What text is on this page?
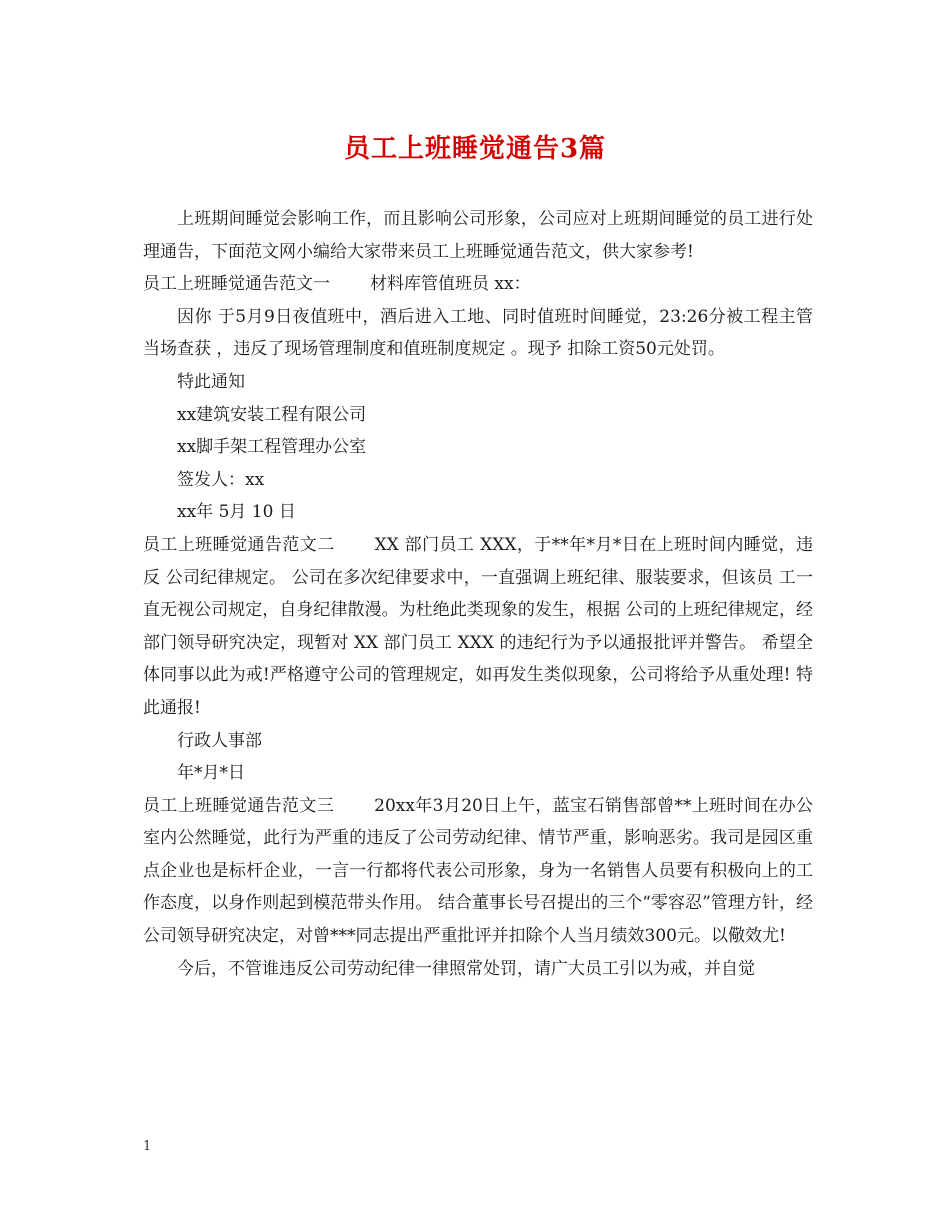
员工上班睡觉通告3篇

上班期间睡觉会影响工作，而且影响公司形象，公司应对上班期间睡觉的员工进行处理通告，下面范文网小编给大家带来员工上班睡觉通告范文，供大家参考!

员工上班睡觉通告范文一 材料库管值班员 xx：

因你 于5月9日夜值班中，酒后进入工地、同时值班时间睡觉，23:26分被工程主管当场查获 ，违反了现场管理制度和值班制度规定 。现予 扣除工资50元处罚。

特此通知

xx建筑安装工程有限公司

xx脚手架工程管理办公室

签发人：xx

xx年 5月 10 日

员工上班睡觉通告范文二 XX 部门员工 XXX，于**年*月*日在上班时间内睡觉，违反 公司纪律规定。 公司在多次纪律要求中，一直强调上班纪律、服装要求，但该员 工一直无视公司规定，自身纪律散漫。为杜绝此类现象的发生，根据 公司的上班纪律规定，经部门领导研究决定，现暂对 XX 部门员工 XXX 的违纪行为予以通报批评并警告。 希望全体同事以此为戒!严格遵守公司的管理规定，如再发生类似现象，公司将给予从重处理! 特此通报!

行政人事部

年*月*日

员工上班睡觉通告范文三 20xx年3月20日上午，蓝宝石销售部曾**上班时间在办公室内公然睡觉，此行为严重的违反了公司劳动纪律、情节严重，影响恶劣。我司是园区重点企业也是标杆企业，一言一行都将代表公司形象，身为一名销售人员要有积极向上的工作态度，以身作则起到模范带头作用。 结合董事长号召提出的三个“零容忍”管理方针，经公司领导研究决定，对曾***同志提出严重批评并扣除个人当月绩效300元。以儆效尤!

今后，不管谁违反公司劳动纪律一律照常处罚，请广大员工引以为戒，并自觉

1
